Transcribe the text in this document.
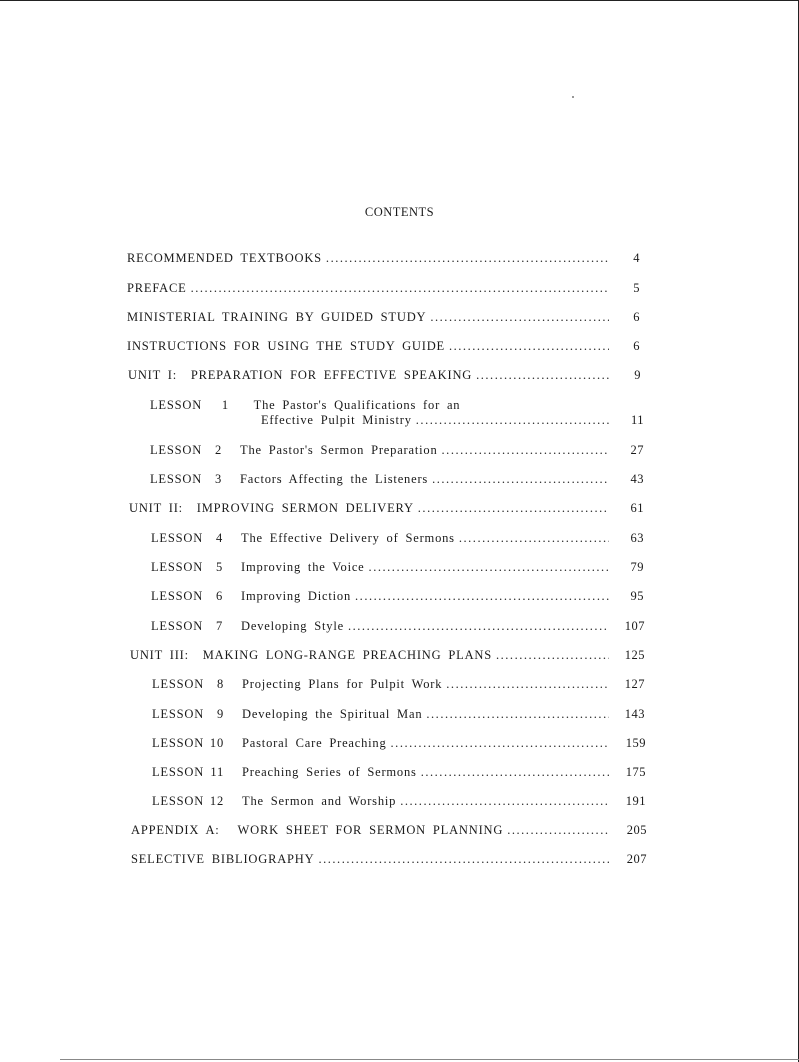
CONTENTS
RECOMMENDED TEXTBOOKS . . .	4
PREFACE . . .	5
MINISTERIAL TRAINING BY GUIDED STUDY . . .	6
INSTRUCTIONS FOR USING THE STUDY GUIDE . . .	6
UNIT I:  PREPARATION FOR EFFECTIVE SPEAKING . . .	9
LESSON 1 The Pastor's Qualifications for an
Effective Pulpit Ministry . . .	11
LESSON 2 The Pastor's Sermon Preparation . . .	27
LESSON 3 Factors Affecting the Listeners . . .	43
UNIT II:  IMPROVING SERMON DELIVERY . . .	61
LESSON 4 The Effective Delivery of Sermons . . .	63
LESSON 5 Improving the Voice . . .	79
LESSON 6 Improving Diction . . .	95
LESSON 7 Developing Style . . .	107
UNIT III:  MAKING LONG-RANGE PREACHING PLANS . . .	125
LESSON 8 Projecting Plans for Pulpit Work . . .	127
LESSON 9 Developing the Spiritual Man . . .	143
LESSON 10 Pastoral Care Preaching . . .	159
LESSON 11 Preaching Series of Sermons . . .	175
LESSON 12 The Sermon and Worship . . .	191
APPENDIX A: WORK SHEET FOR SERMON PLANNING . . .	205
SELECTIVE BIBLIOGRAPHY . . .	207
